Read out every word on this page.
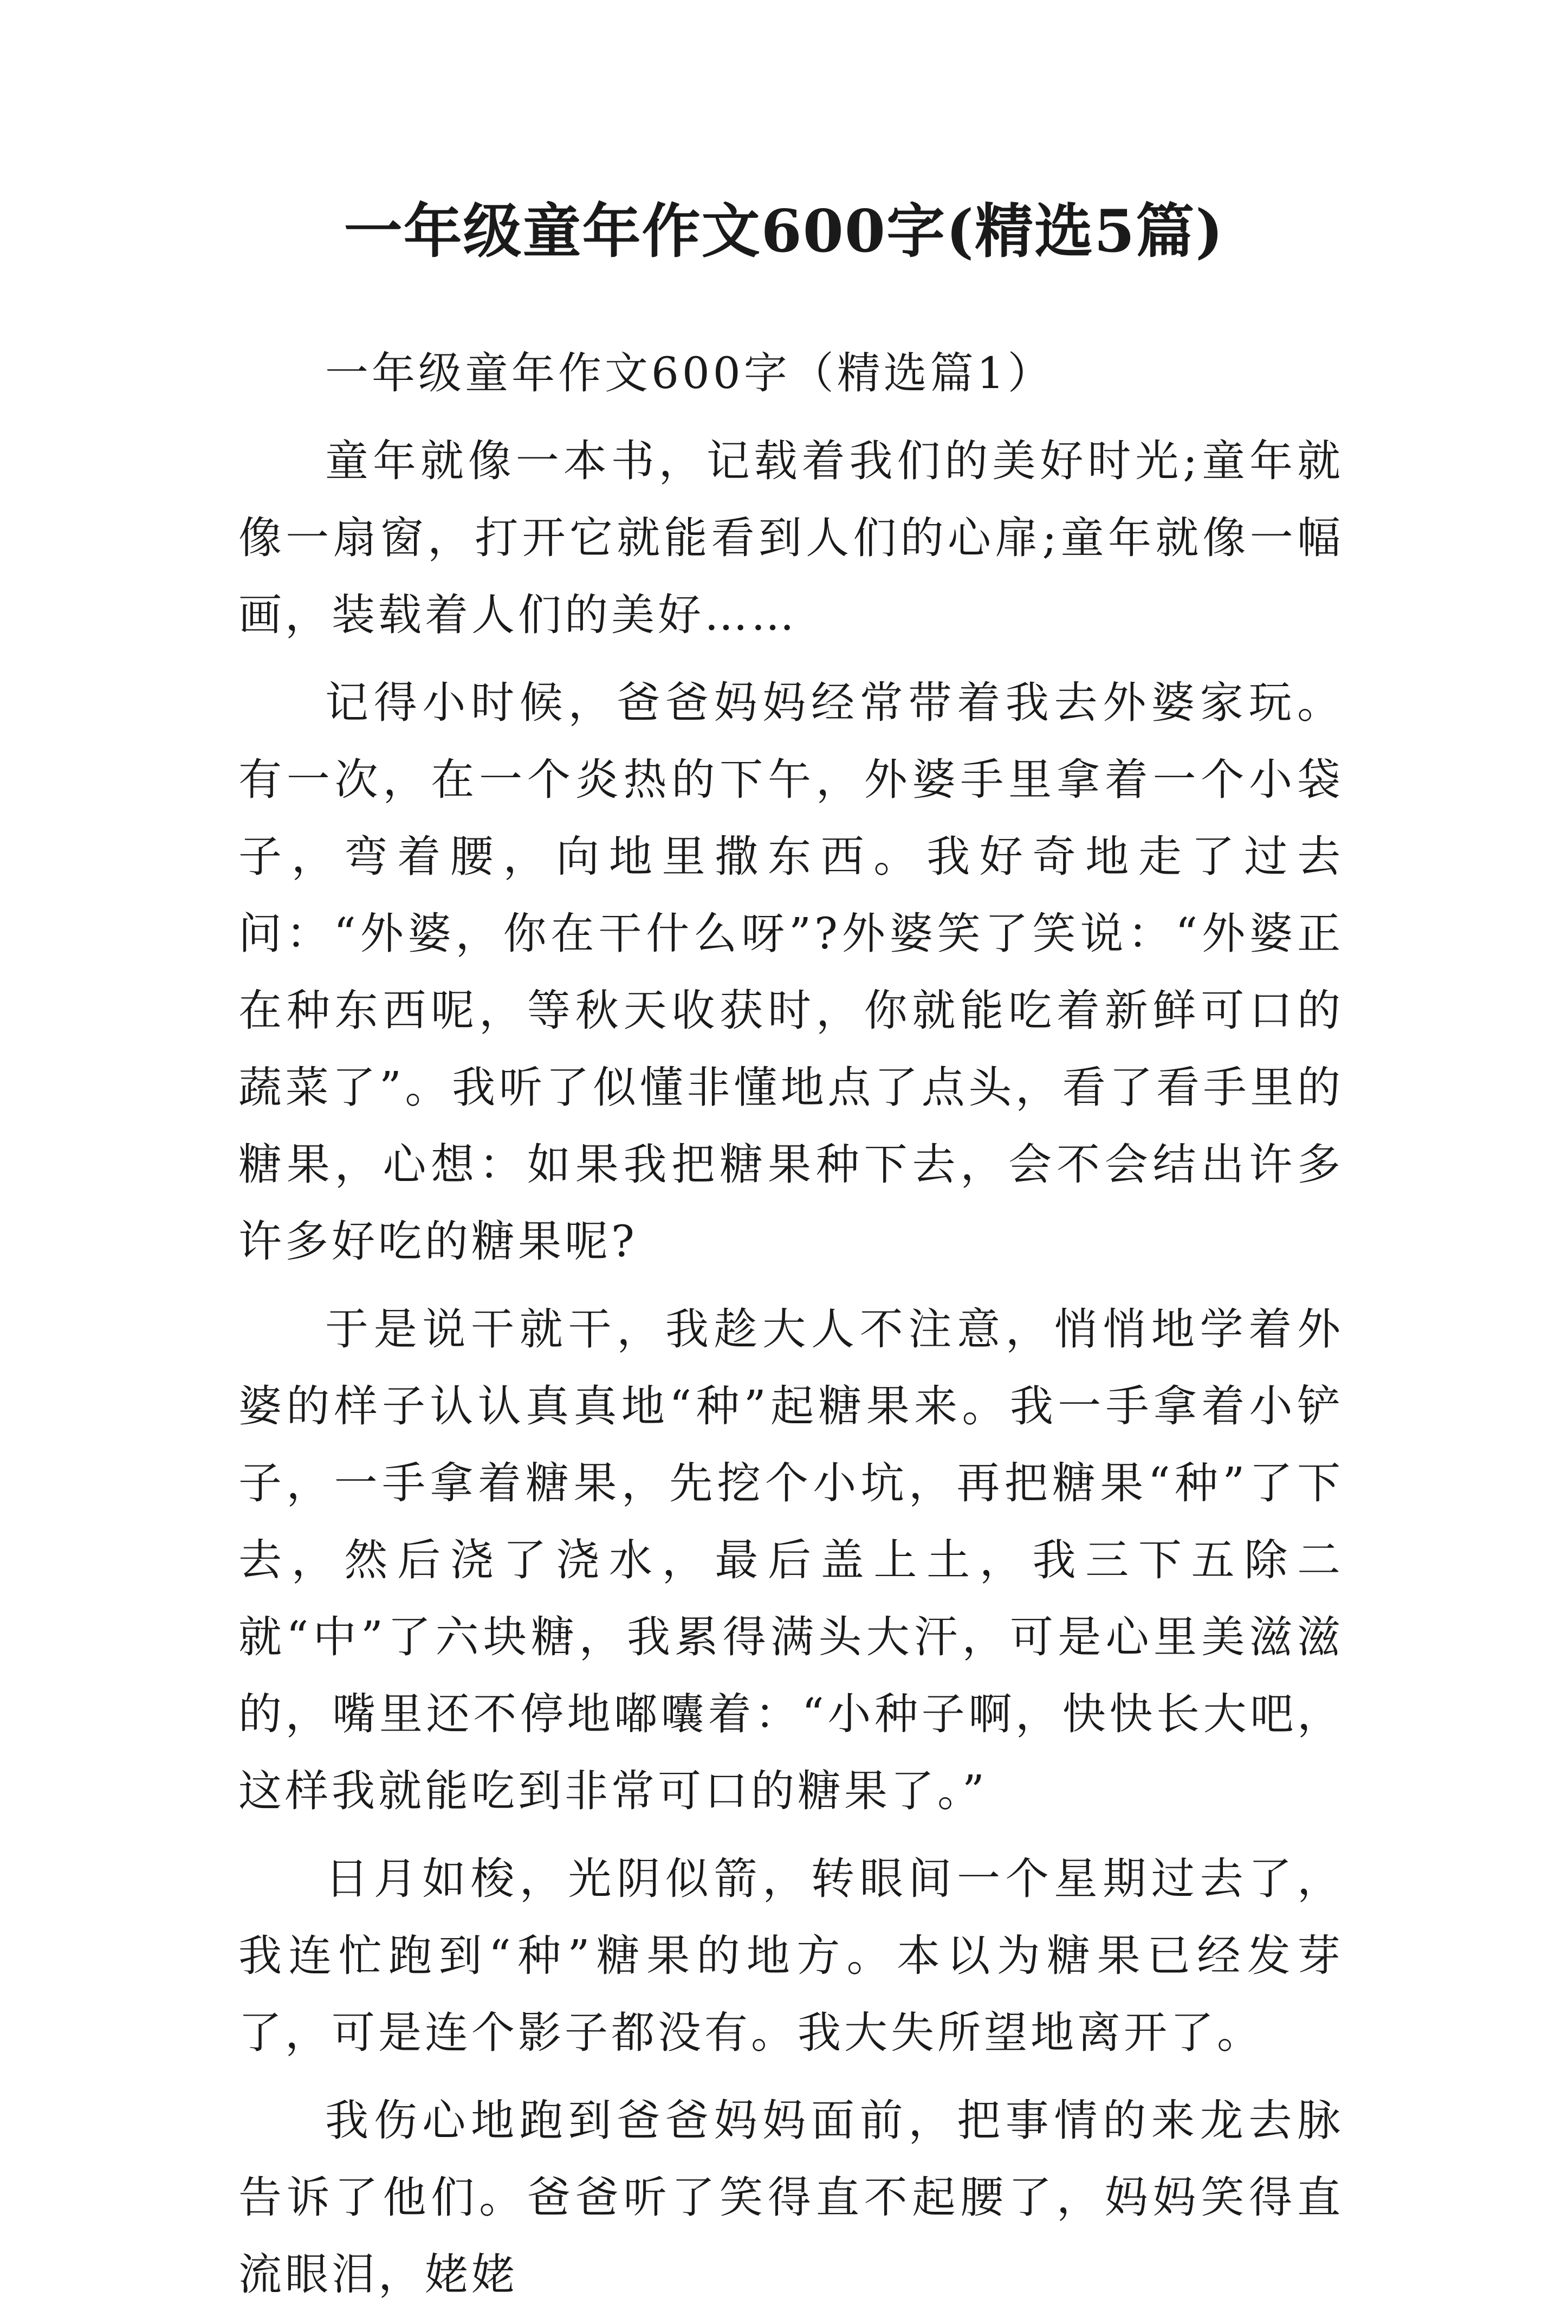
一年级童年作文600字(精选5篇)

一年级童年作文600字（精选篇1）

童年就像一本书，记载着我们的美好时光;童年就像一扇窗，打开它就能看到人们的心扉;童年就像一幅画，装载着人们的美好……

记得小时候，爸爸妈妈经常带着我去外婆家玩。有一次，在一个炎热的下午，外婆手里拿着一个小袋子，弯着腰，向地里撒东西。我好奇地走了过去问：“外婆，你在干什么呀”?外婆笑了笑说：“外婆正在种东西呢，等秋天收获时，你就能吃着新鲜可口的蔬菜了”。我听了似懂非懂地点了点头，看了看手里的糖果，心想：如果我把糖果种下去，会不会结出许多许多好吃的糖果呢?

于是说干就干，我趁大人不注意，悄悄地学着外婆的样子认认真真地“种”起糖果来。我一手拿着小铲子，一手拿着糖果，先挖个小坑，再把糖果“种”了下去，然后浇了浇水，最后盖上土，我三下五除二就“中”了六块糖，我累得满头大汗，可是心里美滋滋的，嘴里还不停地嘟囔着：“小种子啊，快快长大吧，这样我就能吃到非常可口的糖果了。”

日月如梭，光阴似箭，转眼间一个星期过去了，我连忙跑到“种”糖果的地方。本以为糖果已经发芽了，可是连个影子都没有。我大失所望地离开了。

我伤心地跑到爸爸妈妈面前，把事情的来龙去脉告诉了他们。爸爸听了笑得直不起腰了，妈妈笑得直流眼泪，姥姥
